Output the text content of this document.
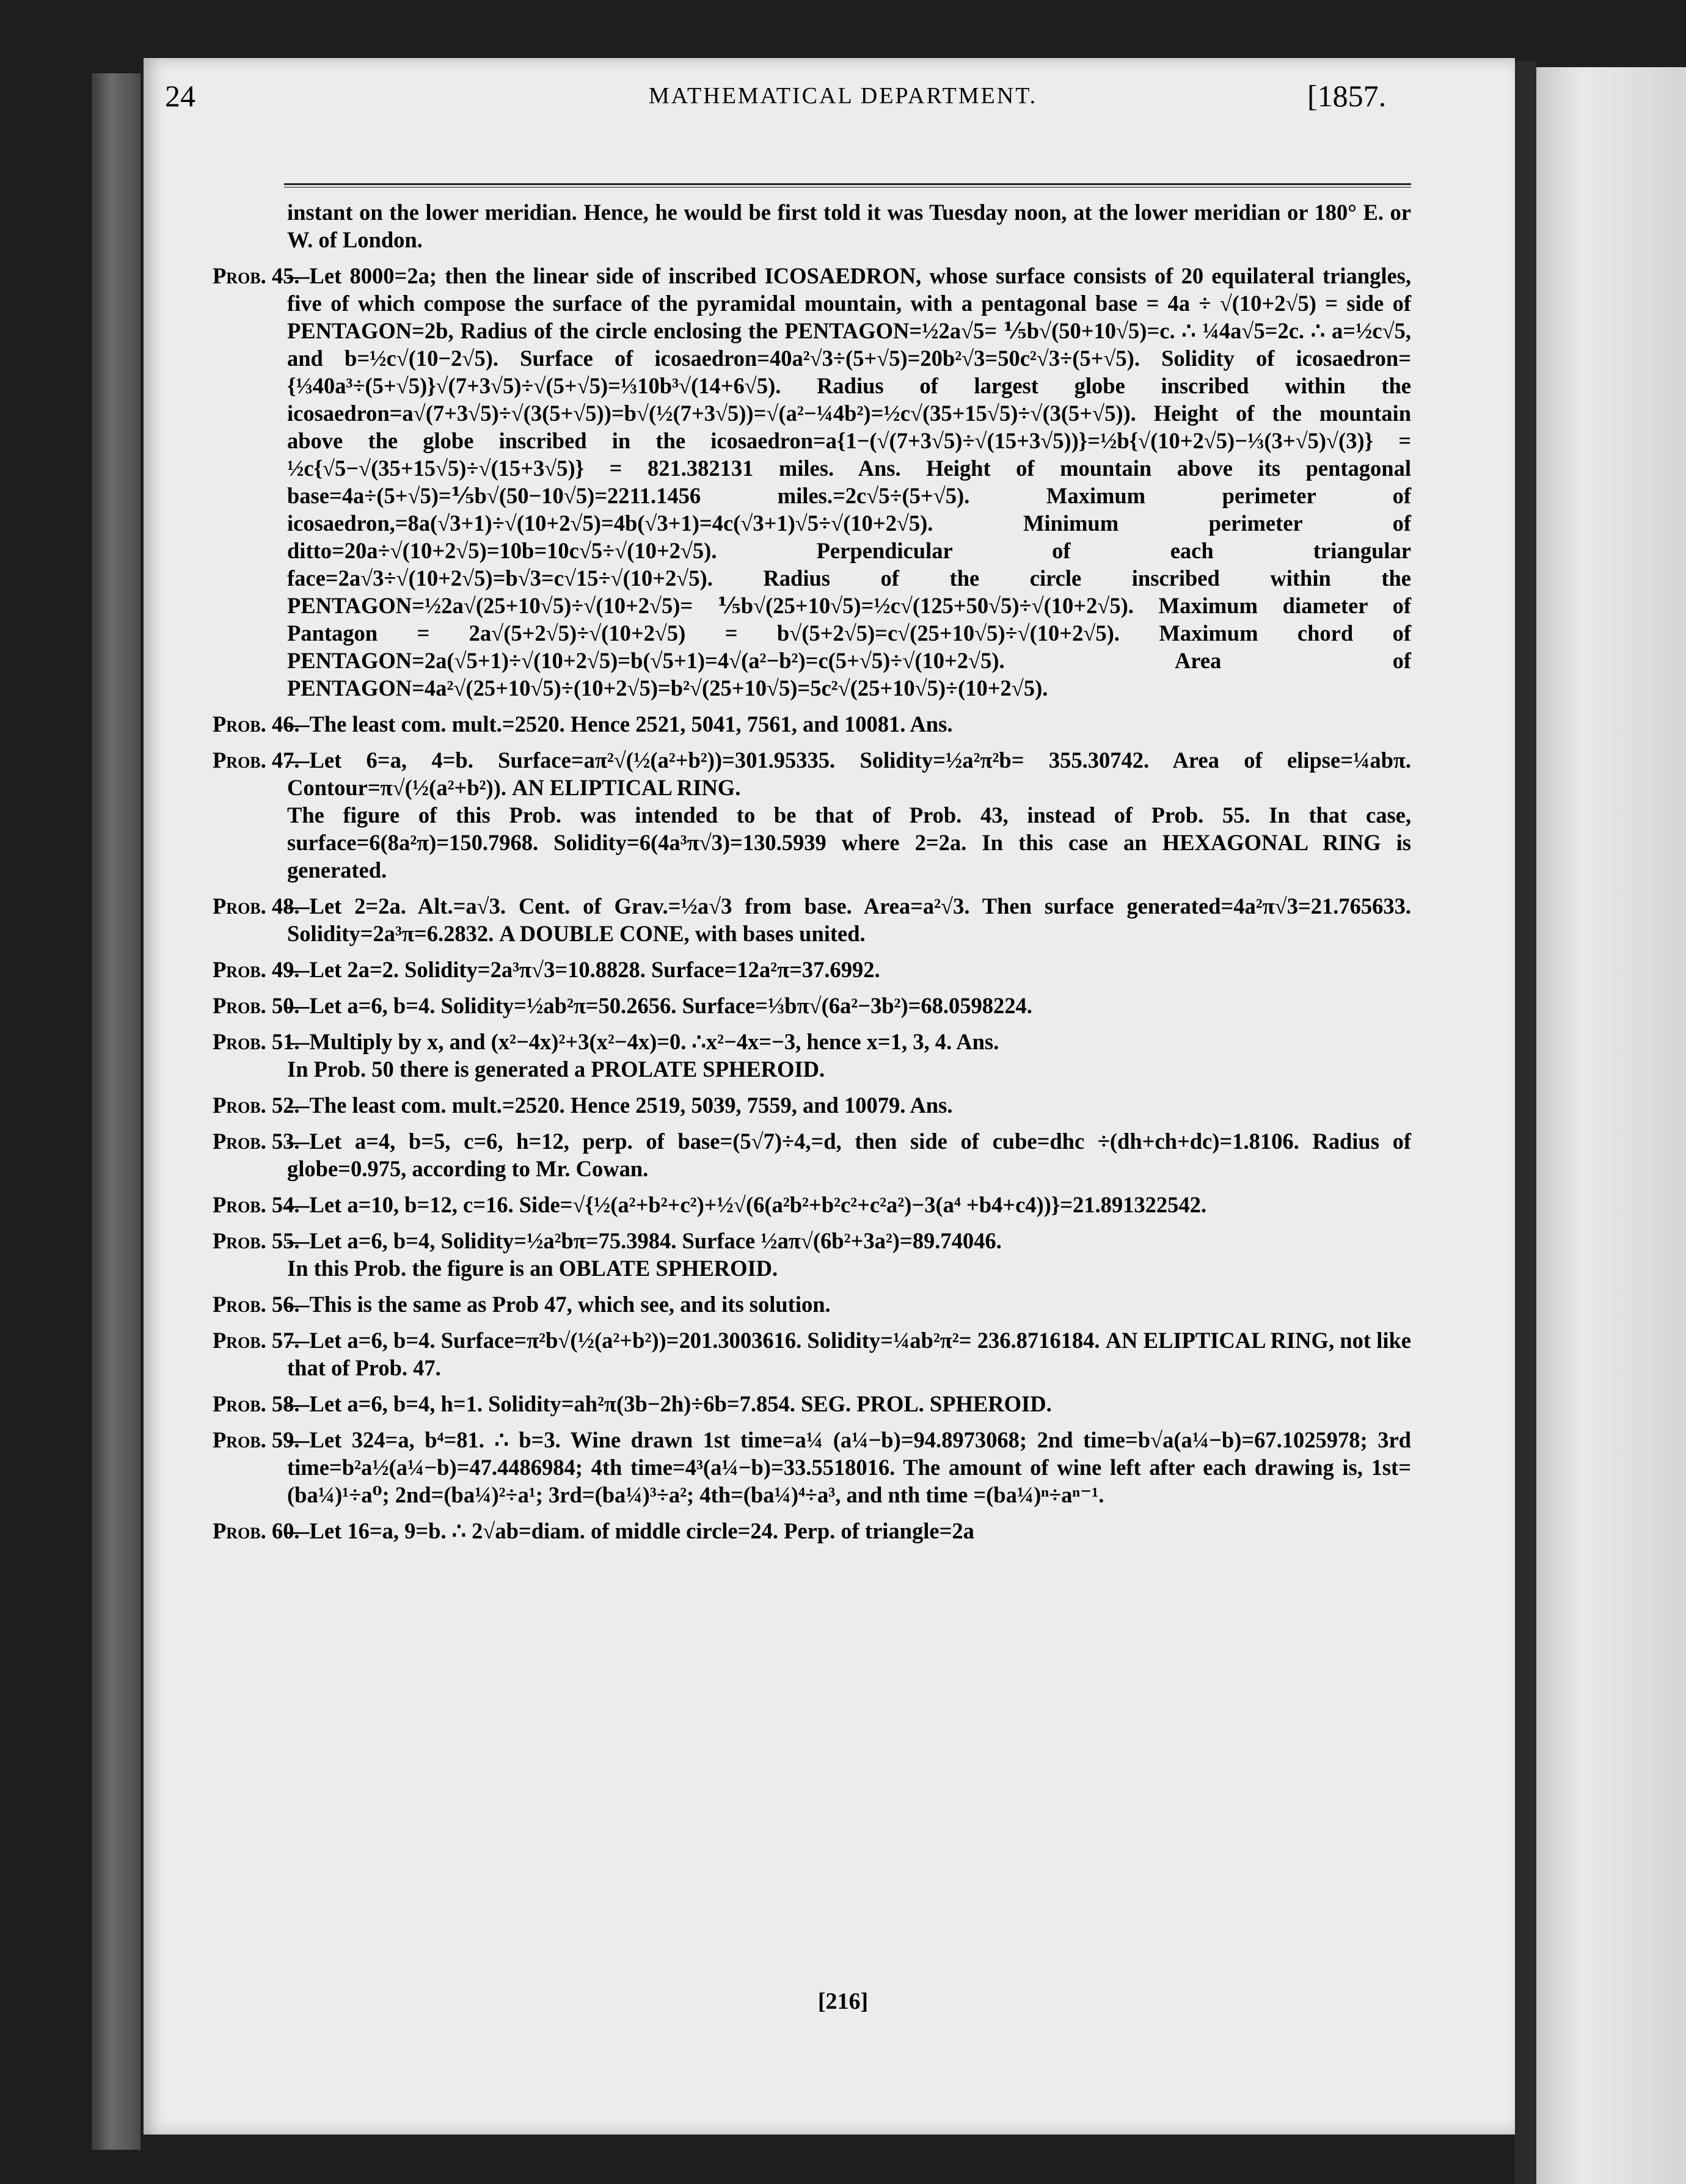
24	MATHEMATICAL DEPARTMENT.	[1857.

instant on the lower meridian. Hence, he would be first told it was Tuesday noon, at the lower meridian or 180° E. or W. of London.

Prob. 45.
—Let 8000=2a; then the linear side of inscribed ICOSAEDRON, whose surface consists of 20 equilateral triangles, five of which compose the surface of the pyramidal mountain, with a pentagonal base = 4a ÷ √(10+2√5) = side of PENTAGON=2b, Radius of the circle enclosing the PENTAGON=½2a√5= ⅕b√(50+10√5)=c. ∴ ¼4a√5=2c. ∴ a=½c√5, and b=½c√(10−2√5). Surface of icosaedron=40a²√3÷(5+√5)=20b²√3=50c²√3÷(5+√5). Solidity of icosaedron={⅓40a³÷(5+√5)}√(7+3√5)÷√(5+√5)=⅓10b³√(14+6√5). Radius of largest globe inscribed within the icosaedron=a√(7+3√5)÷√(3(5+√5))=b√(½(7+3√5))=√(a²−¼4b²)=½c√(35+15√5)÷√(3(5+√5)). Height of the mountain above the globe inscribed in the icosaedron=a{1−(√(7+3√5)÷√(15+3√5))}=½b{√(10+2√5)−⅓(3+√5)√(3)} = ½c{√5−√(35+15√5)÷√(15+3√5)} = 821.382131 miles. Ans. Height of mountain above its pentagonal base=4a÷(5+√5)=⅕b√(50−10√5)=2211.1456 miles.=2c√5÷(5+√5). Maximum perimeter of icosaedron,=8a(√3+1)÷√(10+2√5)=4b(√3+1)=4c(√3+1)√5÷√(10+2√5). Minimum perimeter of ditto=20a÷√(10+2√5)=10b=10c√5÷√(10+2√5). Perpendicular of each triangular face=2a√3÷√(10+2√5)=b√3=c√15÷√(10+2√5). Radius of the circle inscribed within the PENTAGON=½2a√(25+10√5)÷√(10+2√5)= ⅕b√(25+10√5)=½c√(125+50√5)÷√(10+2√5). Maximum diameter of Pantagon = 2a√(5+2√5)÷√(10+2√5) = b√(5+2√5)=c√(25+10√5)÷√(10+2√5). Maximum chord of PENTAGON=2a(√5+1)÷√(10+2√5)=b(√5+1)=4√(a²−b²)=c(5+√5)÷√(10+2√5). Area of PENTAGON=4a²√(25+10√5)÷(10+2√5)=b²√(25+10√5)=5c²√(25+10√5)÷(10+2√5).
Prob. 46.
—The least com. mult.=2520. Hence 2521, 5041, 7561, and 10081. Ans.
Prob. 47.
—Let 6=a, 4=b. Surface=aπ²√(½(a²+b²))=301.95335. Solidity=½a²π²b= 355.30742. Area of elipse=¼abπ. Contour=π√(½(a²+b²)). AN ELIPTICAL RING.
The figure of this Prob. was intended to be that of Prob. 43, instead of Prob. 55. In that case, surface=6(8a²π)=150.7968. Solidity=6(4a³π√3)=130.5939 where 2=2a. In this case an HEXAGONAL RING is generated.
Prob. 48.
—Let 2=2a. Alt.=a√3. Cent. of Grav.=½a√3 from base. Area=a²√3. Then surface generated=4a²π√3=21.765633. Solidity=2a³π=6.2832. A DOUBLE CONE, with bases united.
Prob. 49.
—Let 2a=2. Solidity=2a³π√3=10.8828. Surface=12a²π=37.6992.
Prob. 50.
—Let a=6, b=4. Solidity=½ab²π=50.2656. Surface=⅓bπ√(6a²−3b²)=68.0598224.
Prob. 51.
—Multiply by x, and (x²−4x)²+3(x²−4x)=0. ∴x²−4x=−3, hence x=1, 3, 4. Ans.
In Prob. 50 there is generated a PROLATE SPHEROID.
Prob. 52.
—The least com. mult.=2520. Hence 2519, 5039, 7559, and 10079. Ans.
Prob. 53.
—Let a=4, b=5, c=6, h=12, perp. of base=(5√7)÷4,=d, then side of cube=dhc ÷(dh+ch+dc)=1.8106. Radius of globe=0.975, according to Mr. Cowan.
Prob. 54.
—Let a=10, b=12, c=16. Side=√{½(a²+b²+c²)+½√(6(a²b²+b²c²+c²a²)−3(a⁴ +b4+c4))}=21.891322542.
Prob. 55.
—Let a=6, b=4, Solidity=½a²bπ=75.3984. Surface ½aπ√(6b²+3a²)=89.74046.
In this Prob. the figure is an OBLATE SPHEROID.
Prob. 56.
—This is the same as Prob 47, which see, and its solution.
Prob. 57.
—Let a=6, b=4. Surface=π²b√(½(a²+b²))=201.3003616. Solidity=¼ab²π²= 236.8716184. AN ELIPTICAL RING, not like that of Prob. 47.
Prob. 58.
—Let a=6, b=4, h=1. Solidity=ah²π(3b−2h)÷6b=7.854. SEG. PROL. SPHEROID.
Prob. 59.
—Let 324=a, b⁴=81. ∴ b=3. Wine drawn 1st time=a¼ (a¼−b)=94.8973068; 2nd time=b√a(a¼−b)=67.1025978; 3rd time=b²a½(a¼−b)=47.4486984; 4th time=4³(a¼−b)=33.5518016. The amount of wine left after each drawing is, 1st=(ba¼)¹÷a⁰; 2nd=(ba¼)²÷a¹; 3rd=(ba¼)³÷a²; 4th=(ba¼)⁴÷a³, and nth time =(ba¼)ⁿ÷aⁿ⁻¹.
Prob. 60.
—Let 16=a, 9=b. ∴ 2√ab=diam. of middle circle=24. Perp. of triangle=2a
[216]
